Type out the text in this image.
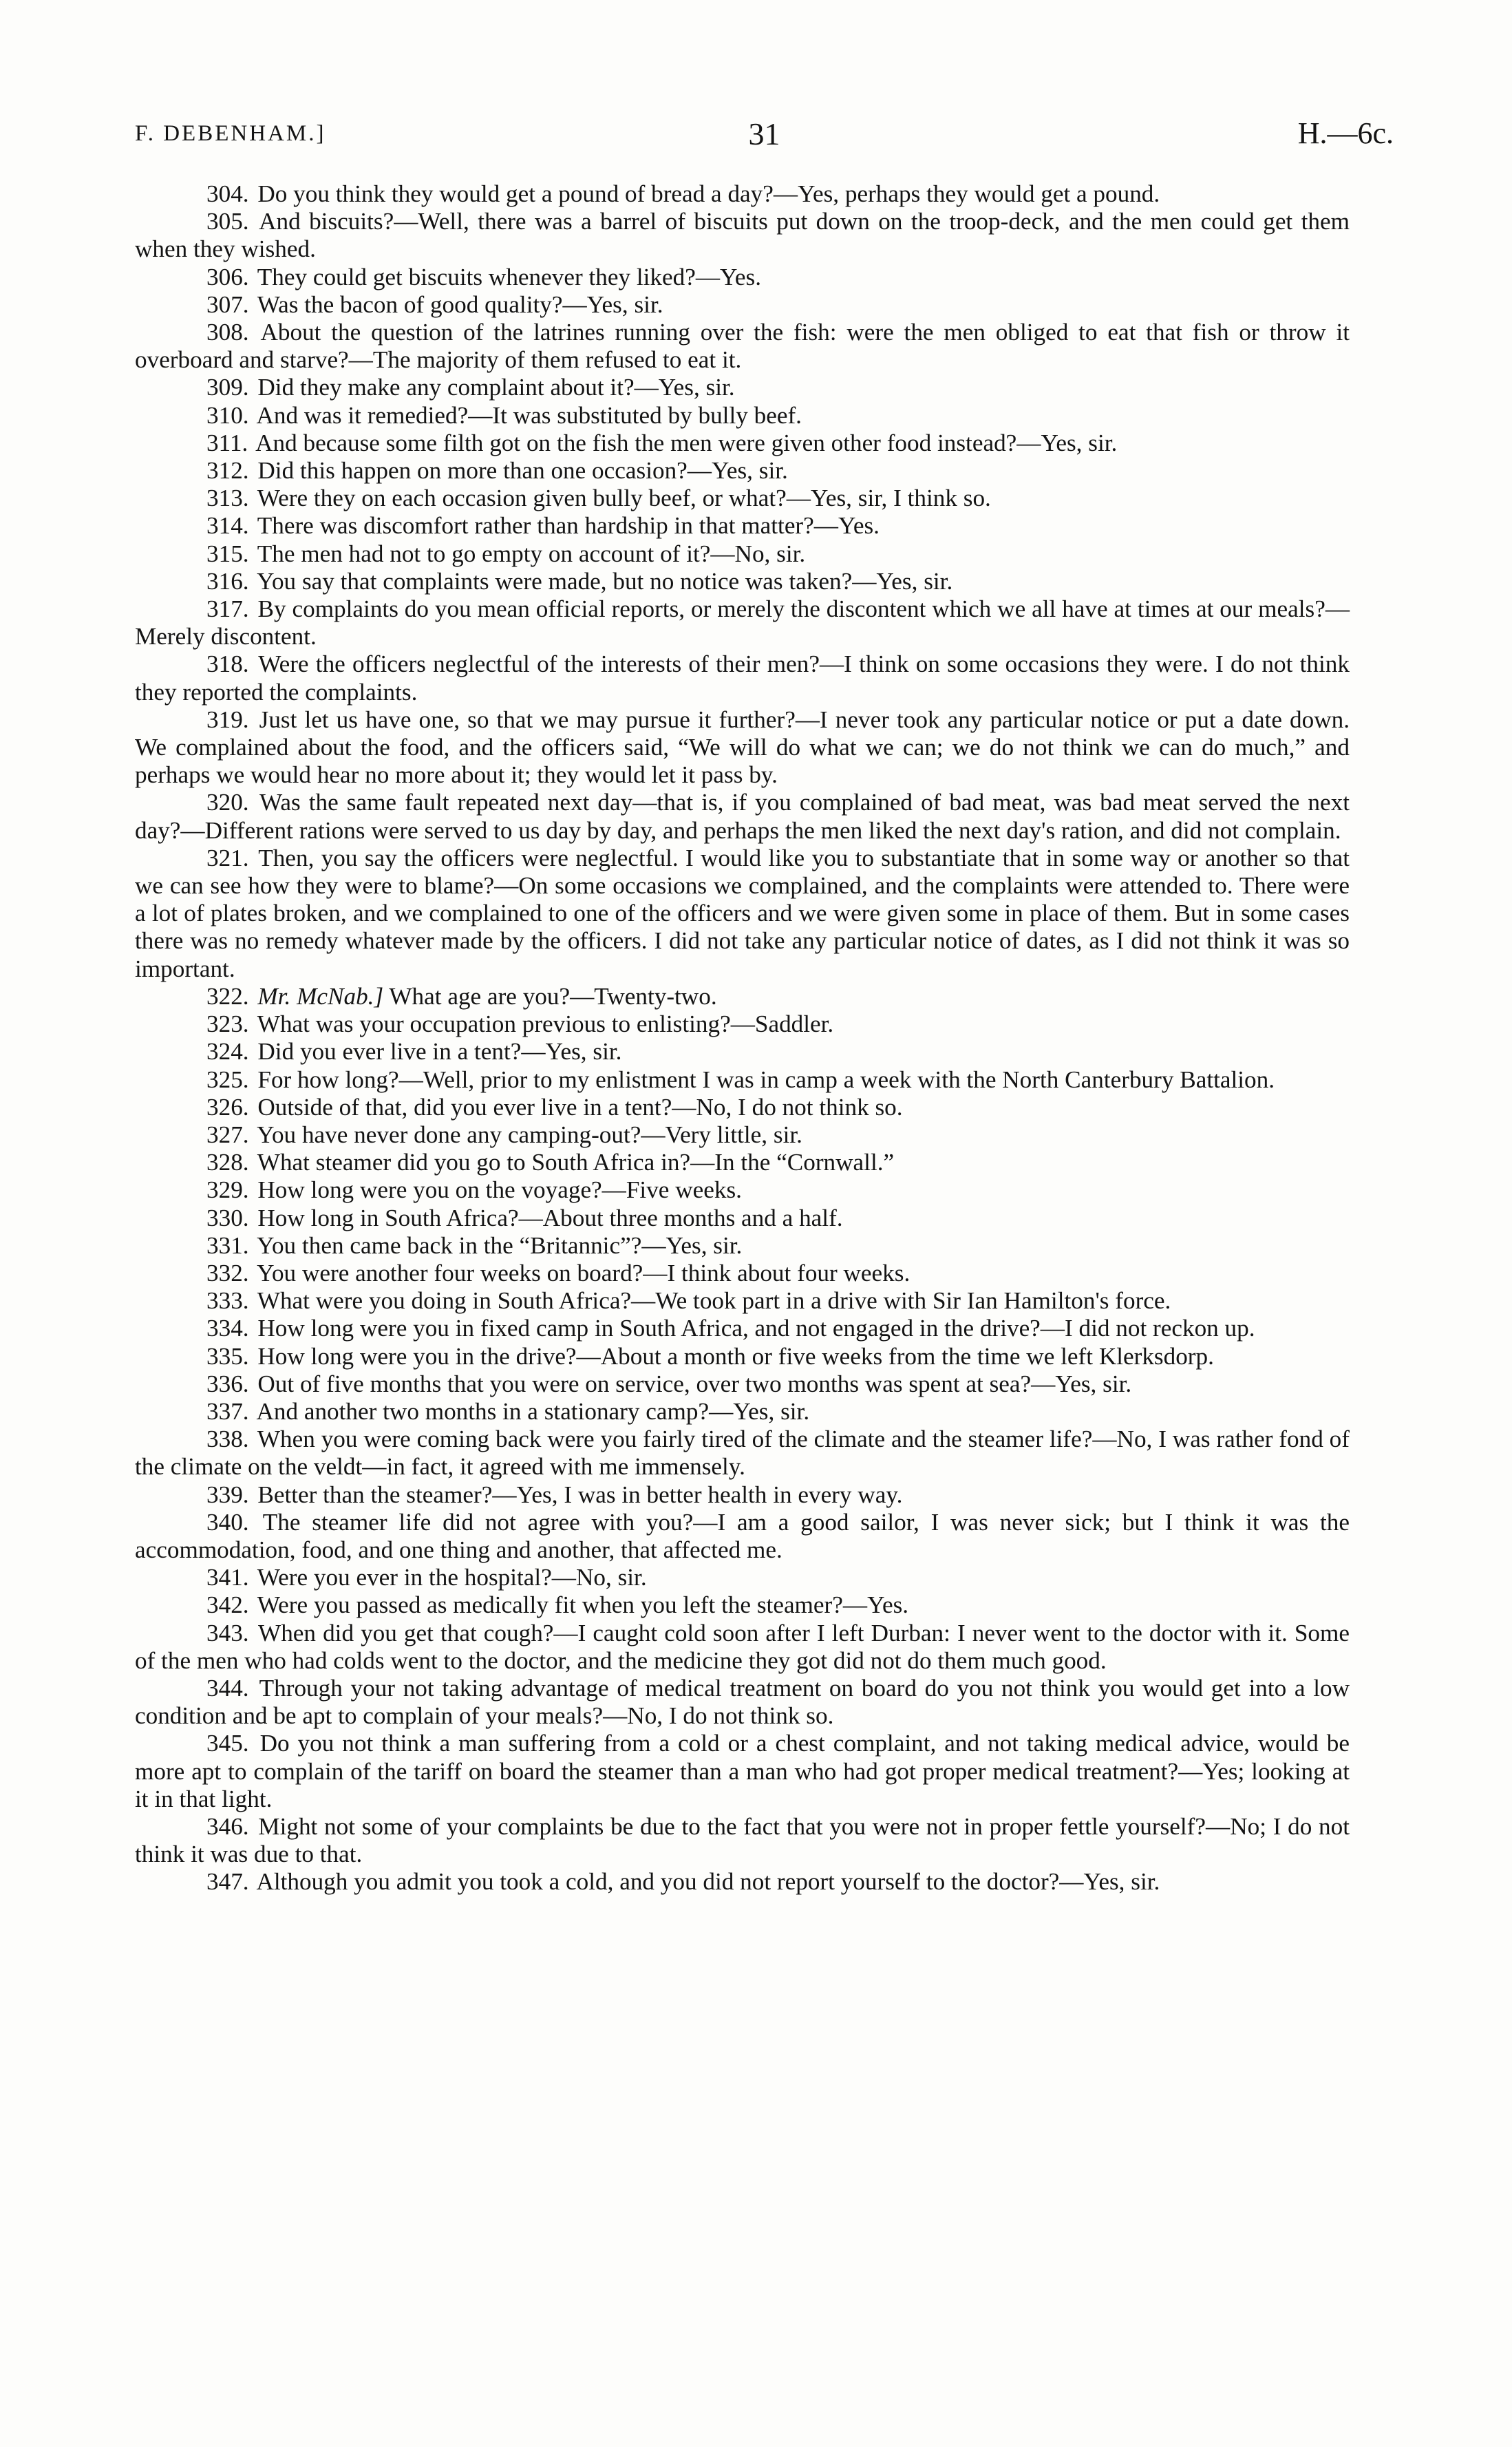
F. DEBENHAM.]	31	H.—6c.

304. Do you think they would get a pound of bread a day?—Yes, perhaps they would get a pound.

305. And biscuits?—Well, there was a barrel of biscuits put down on the troop-deck, and the men could get them when they wished.

306. They could get biscuits whenever they liked?—Yes.

307. Was the bacon of good quality?—Yes, sir.

308. About the question of the latrines running over the fish: were the men obliged to eat that fish or throw it overboard and starve?—The majority of them refused to eat it.

309. Did they make any complaint about it?—Yes, sir.

310. And was it remedied?—It was substituted by bully beef.

311. And because some filth got on the fish the men were given other food instead?—Yes, sir.

312. Did this happen on more than one occasion?—Yes, sir.

313. Were they on each occasion given bully beef, or what?—Yes, sir, I think so.

314. There was discomfort rather than hardship in that matter?—Yes.

315. The men had not to go empty on account of it?—No, sir.

316. You say that complaints were made, but no notice was taken?—Yes, sir.

317. By complaints do you mean official reports, or merely the discontent which we all have at times at our meals?—Merely discontent.

318. Were the officers neglectful of the interests of their men?—I think on some occasions they were. I do not think they reported the complaints.

319. Just let us have one, so that we may pursue it further?—I never took any particular notice or put a date down. We complained about the food, and the officers said, “We will do what we can; we do not think we can do much,” and perhaps we would hear no more about it; they would let it pass by.

320. Was the same fault repeated next day—that is, if you complained of bad meat, was bad meat served the next day?—Different rations were served to us day by day, and perhaps the men liked the next day's ration, and did not complain.

321. Then, you say the officers were neglectful. I would like you to substantiate that in some way or another so that we can see how they were to blame?—On some occasions we complained, and the complaints were attended to. There were a lot of plates broken, and we complained to one of the officers and we were given some in place of them. But in some cases there was no remedy whatever made by the officers. I did not take any particular notice of dates, as I did not think it was so important.

322. Mr. McNab.] What age are you?—Twenty-two.

323. What was your occupation previous to enlisting?—Saddler.

324. Did you ever live in a tent?—Yes, sir.

325. For how long?—Well, prior to my enlistment I was in camp a week with the North Canterbury Battalion.

326. Outside of that, did you ever live in a tent?—No, I do not think so.

327. You have never done any camping-out?—Very little, sir.

328. What steamer did you go to South Africa in?—In the “Cornwall.”

329. How long were you on the voyage?—Five weeks.

330. How long in South Africa?—About three months and a half.

331. You then came back in the “Britannic”?—Yes, sir.

332. You were another four weeks on board?—I think about four weeks.

333. What were you doing in South Africa?—We took part in a drive with Sir Ian Hamilton's force.

334. How long were you in fixed camp in South Africa, and not engaged in the drive?—I did not reckon up.

335. How long were you in the drive?—About a month or five weeks from the time we left Klerksdorp.

336. Out of five months that you were on service, over two months was spent at sea?—Yes, sir.

337. And another two months in a stationary camp?—Yes, sir.

338. When you were coming back were you fairly tired of the climate and the steamer life?—No, I was rather fond of the climate on the veldt—in fact, it agreed with me immensely.

339. Better than the steamer?—Yes, I was in better health in every way.

340. The steamer life did not agree with you?—I am a good sailor, I was never sick; but I think it was the accommodation, food, and one thing and another, that affected me.

341. Were you ever in the hospital?—No, sir.

342. Were you passed as medically fit when you left the steamer?—Yes.

343. When did you get that cough?—I caught cold soon after I left Durban: I never went to the doctor with it. Some of the men who had colds went to the doctor, and the medicine they got did not do them much good.

344. Through your not taking advantage of medical treatment on board do you not think you would get into a low condition and be apt to complain of your meals?—No, I do not think so.

345. Do you not think a man suffering from a cold or a chest complaint, and not taking medical advice, would be more apt to complain of the tariff on board the steamer than a man who had got proper medical treatment?—Yes; looking at it in that light.

346. Might not some of your complaints be due to the fact that you were not in proper fettle yourself?—No; I do not think it was due to that.

347. Although you admit you took a cold, and you did not report yourself to the doctor?—Yes, sir.
